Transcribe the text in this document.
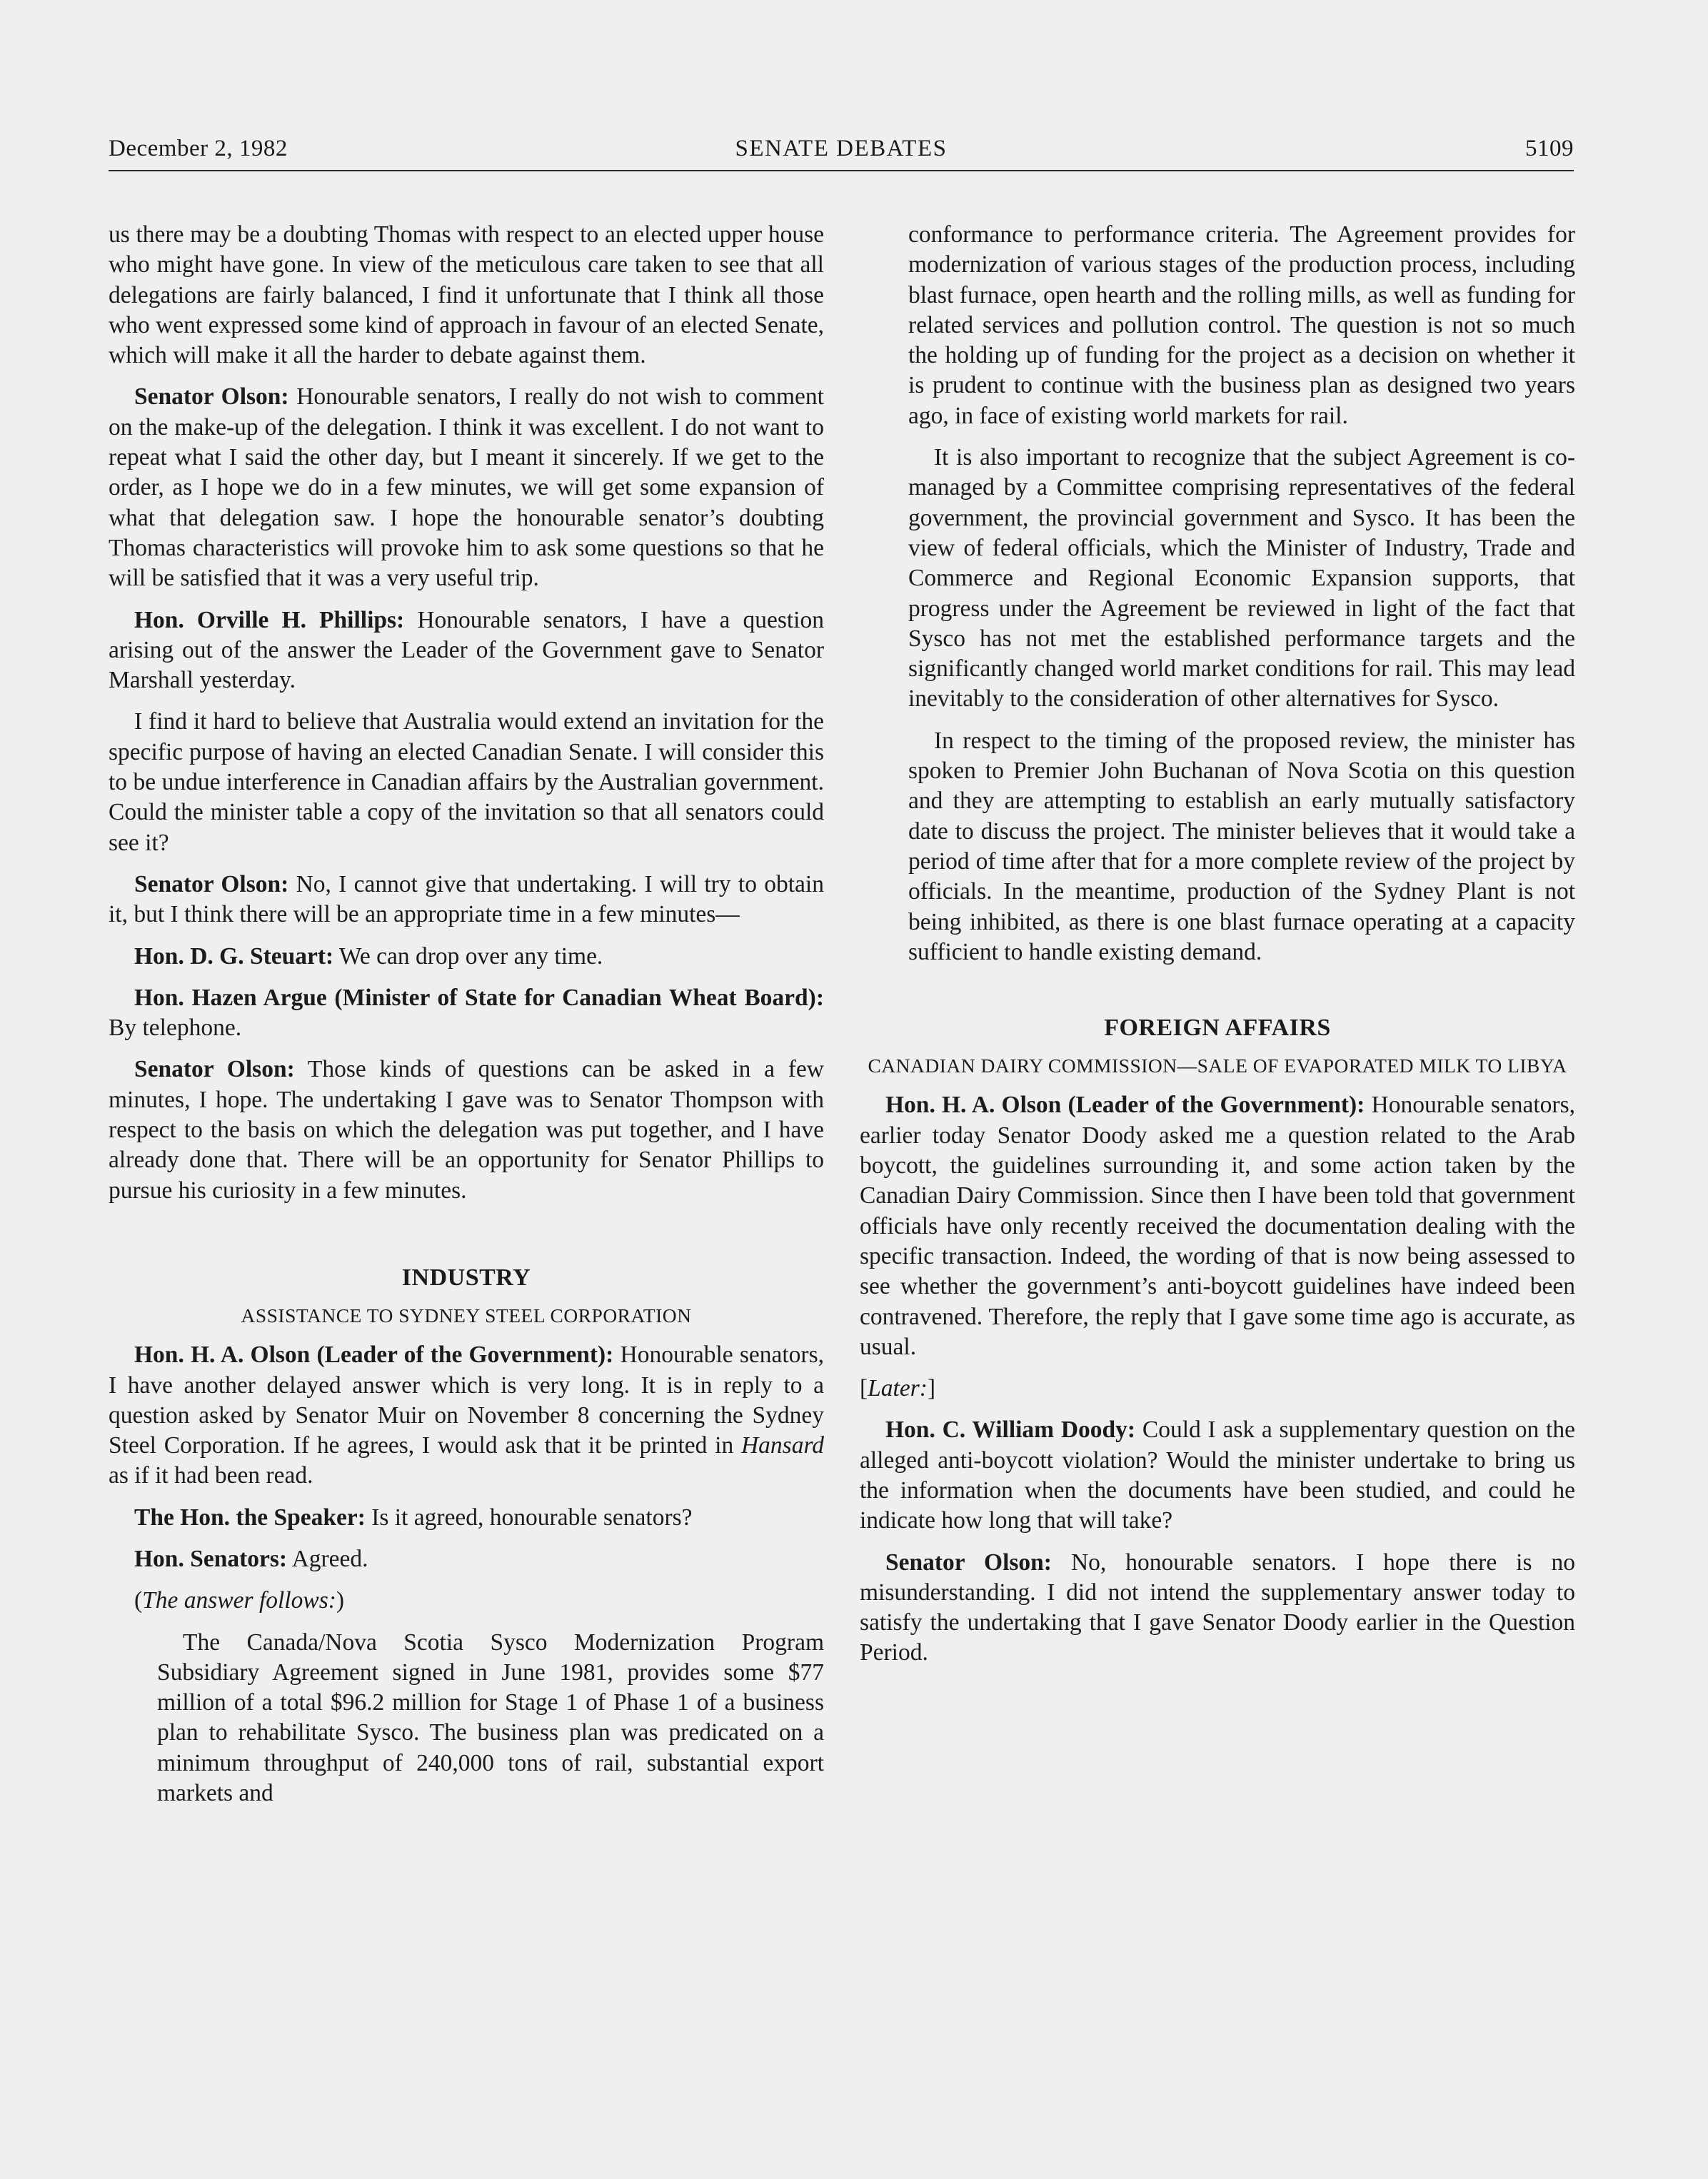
December 2, 1982	SENATE DEBATES	5109

us there may be a doubting Thomas with respect to an elected upper house who might have gone. In view of the meticulous care taken to see that all delegations are fairly balanced, I find it unfortunate that I think all those who went expressed some kind of approach in favour of an elected Senate, which will make it all the harder to debate against them.

Senator Olson: Honourable senators, I really do not wish to comment on the make-up of the delegation. I think it was excellent. I do not want to repeat what I said the other day, but I meant it sincerely. If we get to the order, as I hope we do in a few minutes, we will get some expansion of what that delegation saw. I hope the honourable senator’s doubting Thomas characteristics will provoke him to ask some questions so that he will be satisfied that it was a very useful trip.

Hon. Orville H. Phillips: Honourable senators, I have a question arising out of the answer the Leader of the Government gave to Senator Marshall yesterday.

I find it hard to believe that Australia would extend an invitation for the specific purpose of having an elected Canadian Senate. I will consider this to be undue interference in Canadian affairs by the Australian government. Could the minister table a copy of the invitation so that all senators could see it?

Senator Olson: No, I cannot give that undertaking. I will try to obtain it, but I think there will be an appropriate time in a few minutes—

Hon. D. G. Steuart: We can drop over any time.

Hon. Hazen Argue (Minister of State for Canadian Wheat Board): By telephone.

Senator Olson: Those kinds of questions can be asked in a few minutes, I hope. The undertaking I gave was to Senator Thompson with respect to the basis on which the delegation was put together, and I have already done that. There will be an opportunity for Senator Phillips to pursue his curiosity in a few minutes.

INDUSTRY
ASSISTANCE TO SYDNEY STEEL CORPORATION

Hon. H. A. Olson (Leader of the Government): Honourable senators, I have another delayed answer which is very long. It is in reply to a question asked by Senator Muir on November 8 concerning the Sydney Steel Corporation. If he agrees, I would ask that it be printed in Hansard as if it had been read.

The Hon. the Speaker: Is it agreed, honourable senators?

Hon. Senators: Agreed.

(The answer follows:)

The Canada/Nova Scotia Sysco Modernization Program Subsidiary Agreement signed in June 1981, provides some $77 million of a total $96.2 million for Stage 1 of Phase 1 of a business plan to rehabilitate Sysco. The business plan was predicated on a minimum throughput of 240,000 tons of rail, substantial export markets and

conformance to performance criteria. The Agreement provides for modernization of various stages of the production process, including blast furnace, open hearth and the rolling mills, as well as funding for related services and pollution control. The question is not so much the holding up of funding for the project as a decision on whether it is prudent to continue with the business plan as designed two years ago, in face of existing world markets for rail.

It is also important to recognize that the subject Agreement is co-managed by a Committee comprising representatives of the federal government, the provincial government and Sysco. It has been the view of federal officials, which the Minister of Industry, Trade and Commerce and Regional Economic Expansion supports, that progress under the Agreement be reviewed in light of the fact that Sysco has not met the established performance targets and the significantly changed world market conditions for rail. This may lead inevitably to the consideration of other alternatives for Sysco.

In respect to the timing of the proposed review, the minister has spoken to Premier John Buchanan of Nova Scotia on this question and they are attempting to establish an early mutually satisfactory date to discuss the project. The minister believes that it would take a period of time after that for a more complete review of the project by officials. In the meantime, production of the Sydney Plant is not being inhibited, as there is one blast furnace operating at a capacity sufficient to handle existing demand.

FOREIGN AFFAIRS
CANADIAN DAIRY COMMISSION—SALE OF EVAPORATED MILK TO LIBYA

Hon. H. A. Olson (Leader of the Government): Honourable senators, earlier today Senator Doody asked me a question related to the Arab boycott, the guidelines surrounding it, and some action taken by the Canadian Dairy Commission. Since then I have been told that government officials have only recently received the documentation dealing with the specific transaction. Indeed, the wording of that is now being assessed to see whether the government’s anti-boycott guidelines have indeed been contravened. Therefore, the reply that I gave some time ago is accurate, as usual.

[Later:]

Hon. C. William Doody: Could I ask a supplementary question on the alleged anti-boycott violation? Would the minister undertake to bring us the information when the documents have been studied, and could he indicate how long that will take?

Senator Olson: No, honourable senators. I hope there is no misunderstanding. I did not intend the supplementary answer today to satisfy the undertaking that I gave Senator Doody earlier in the Question Period.
